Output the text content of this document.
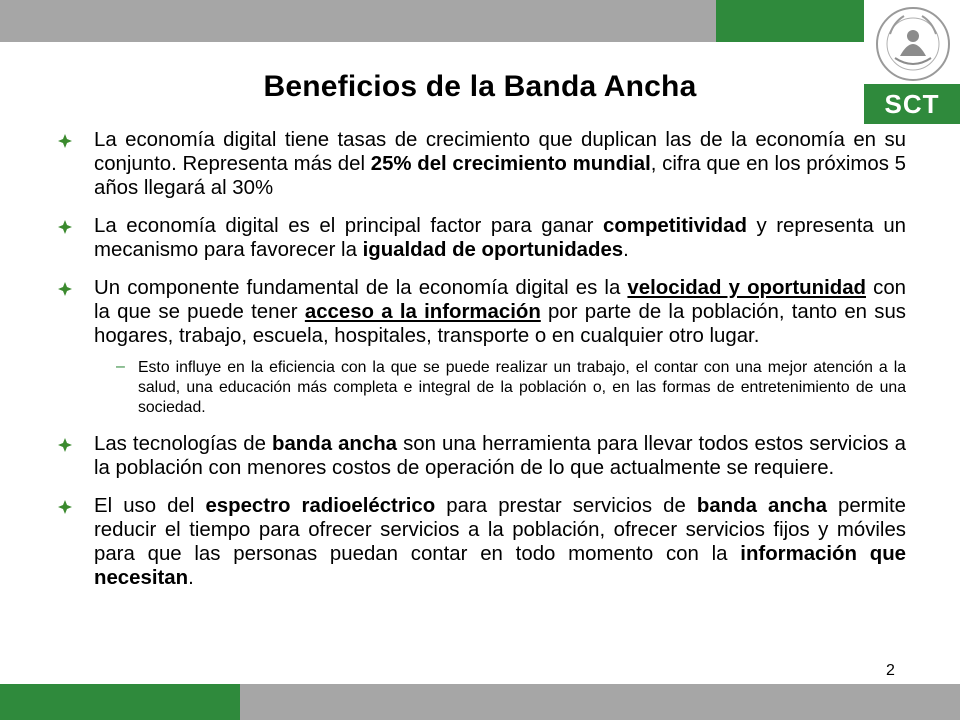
SCT
Beneficios de la Banda Ancha

La economía digital tiene tasas de crecimiento que duplican las de la economía en su conjunto. Representa más del 25% del crecimiento mundial, cifra que en los próximos 5 años llegará al 30%

La economía digital es el principal factor para ganar competitividad y representa un mecanismo para favorecer la igualdad de oportunidades.

Un componente fundamental de la economía digital es la velocidad y oportunidad con la que se puede tener acceso a la información por parte de la población, tanto en sus hogares, trabajo, escuela, hospitales, transporte o en cualquier otro lugar.

– Esto influye en la eficiencia con la que se puede realizar un trabajo, el contar con una mejor atención a la salud, una educación más completa e integral de la población o, en las formas de entretenimiento de una sociedad.

Las tecnologías de banda ancha son una herramienta para llevar todos estos servicios a la población con menores costos de operación de lo que actualmente se requiere.

El uso del espectro radioeléctrico para prestar servicios de banda ancha permite reducir el tiempo para ofrecer servicios a la población, ofrecer servicios fijos y móviles para que las personas puedan contar en todo momento con la información que necesitan.

2
